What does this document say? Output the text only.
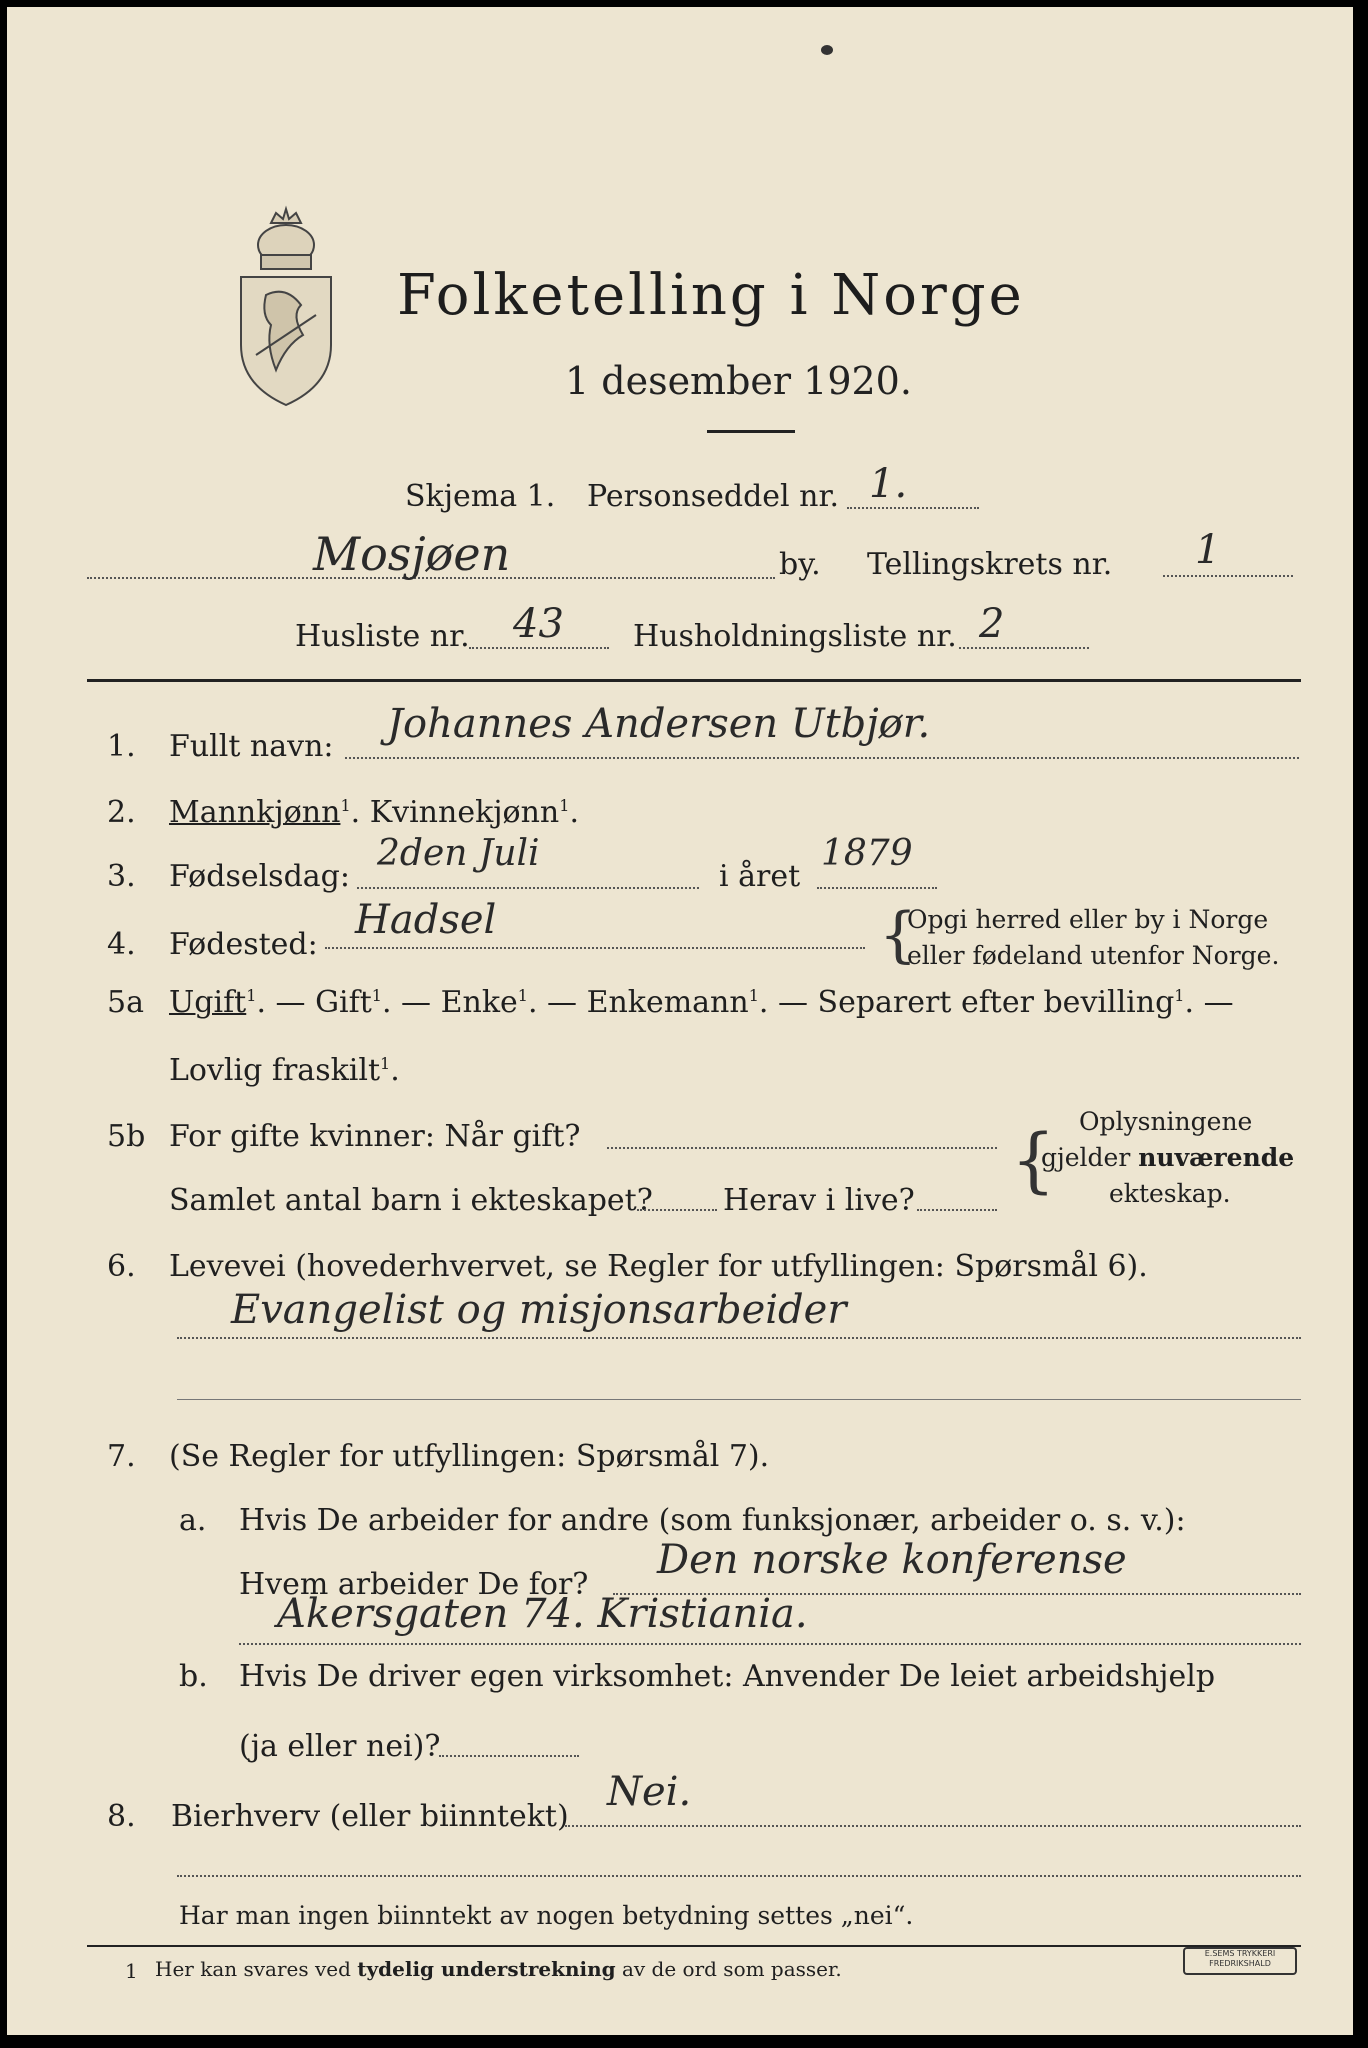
Folketelling i Norge
1 desember 1920.
Skjema 1. Personseddel nr. 1.
Mosjøen	by. Tellingskrets nr. 1
Husliste nr. 43 Husholdningsliste nr. 2
1. Fullt navn: Johannes Andersen Utbjør.
2. Mannkjønn$^1$. Kvinnekjønn$^1$.
3. Fødselsdag:
2den Juli
i året
1879
4. Fødested:
Hadsel	{
Opgi herred eller by i Norge
eller fødeland utenfor Norge.
5a Ugift$^1$. — Gift$^1$. — Enke$^1$. — Enkemann$^1$. — Separert efter bevilling$^1$. —
Lovlig fraskilt$^1$.
5b For gifte kvinner: Når gift?
Samlet antal barn i ekteskapet? Herav i live? { Oplysningene
gjelder nuværende
ekteskap.
6. Levevei (hovederhvervet, se Regler for utfyllingen: Spørsmål 6).
Evangelist og misjonsarbeider
7. (Se Regler for utfyllingen: Spørsmål 7).
a. Hvis De arbeider for andre (som funksjonær, arbeider o. s. v.):
Hvem arbeider De for?
Den norske konferense
Akersgaten 74. Kristiania.
b. Hvis De driver egen virksomhet: Anvender De leiet arbeidshjelp
(ja eller nei)?
8. Bierhverv (eller biinntekt)
Nei.
Har man ingen biinntekt av nogen betydning settes „nei“.
1 Her kan svares ved tydelig understrekning av de ord som passer.
E.SEMS TRYKKERI
FREDRIKSHALD
